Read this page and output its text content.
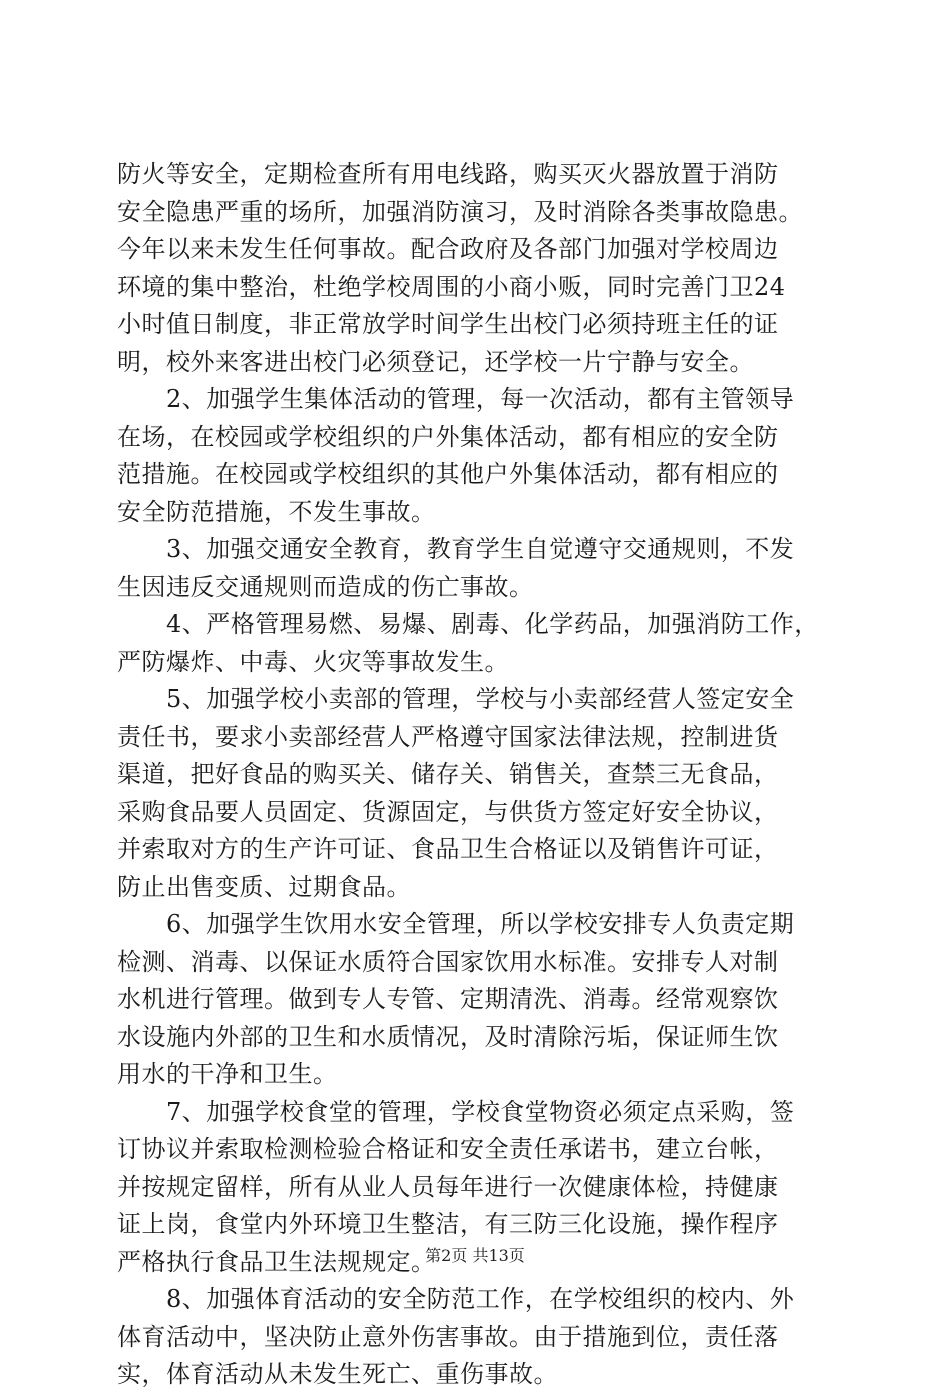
防火等安全，定期检查所有用电线路，购买灭火器放置于消防
安全隐患严重的场所，加强消防演习，及时消除各类事故隐患。
今年以来未发生任何事故。配合政府及各部门加强对学校周边
环境的集中整治，杜绝学校周围的小商小贩，同时完善门卫24
小时值日制度，非正常放学时间学生出校门必须持班主任的证
明，校外来客进出校门必须登记，还学校一片宁静与安全。
　　2、加强学生集体活动的管理，每一次活动，都有主管领导
在场，在校园或学校组织的户外集体活动，都有相应的安全防
范措施。在校园或学校组织的其他户外集体活动，都有相应的
安全防范措施，不发生事故。
　　3、加强交通安全教育，教育学生自觉遵守交通规则，不发
生因违反交通规则而造成的伤亡事故。
　　4、严格管理易燃、易爆、剧毒、化学药品，加强消防工作，
严防爆炸、中毒、火灾等事故发生。
　　5、加强学校小卖部的管理，学校与小卖部经营人签定安全
责任书，要求小卖部经营人严格遵守国家法律法规，控制进货
渠道，把好食品的购买关、储存关、销售关，查禁三无食品，
采购食品要人员固定、货源固定，与供货方签定好安全协议，
并索取对方的生产许可证、食品卫生合格证以及销售许可证，
防止出售变质、过期食品。
　　6、加强学生饮用水安全管理，所以学校安排专人负责定期
检测、消毒、以保证水质符合国家饮用水标准。安排专人对制
水机进行管理。做到专人专管、定期清洗、消毒。经常观察饮
水设施内外部的卫生和水质情况，及时清除污垢，保证师生饮
用水的干净和卫生。
　　7、加强学校食堂的管理，学校食堂物资必须定点采购，签
订协议并索取检测检验合格证和安全责任承诺书，建立台帐，
并按规定留样，所有从业人员每年进行一次健康体检，持健康
证上岗，食堂内外环境卫生整洁，有三防三化设施，操作程序
严格执行食品卫生法规规定。
　　8、加强体育活动的安全防范工作，在学校组织的校内、外
体育活动中，坚决防止意外伤害事故。由于措施到位，责任落
实，体育活动从未发生死亡、重伤事故。
第2页 共13页
